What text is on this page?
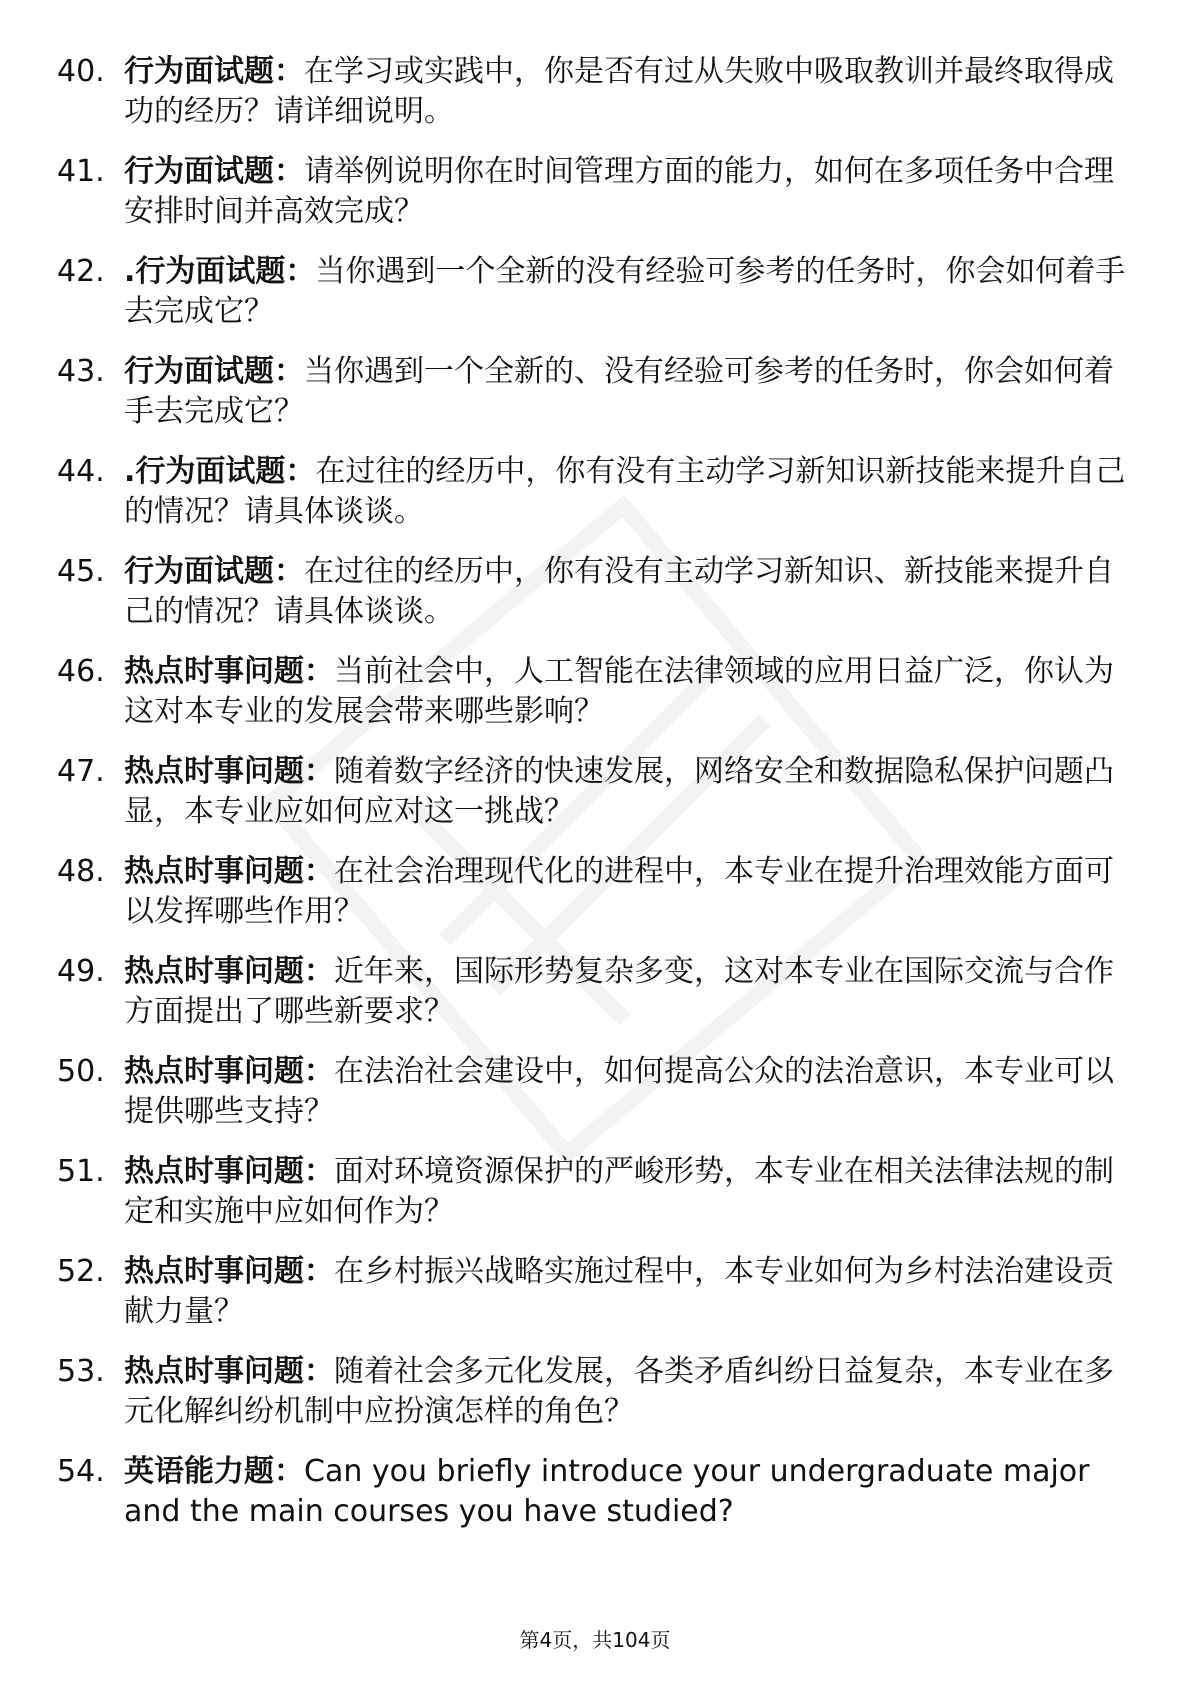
40. 行为面试题：在学习或实践中，你是否有过从失败中吸取教训并最终取得成功的经历？请详细说明。
41. 行为面试题：请举例说明你在时间管理方面的能力，如何在多项任务中合理安排时间并高效完成？
42. .行为面试题：当你遇到一个全新的没有经验可参考的任务时，你会如何着手去完成它？
43. 行为面试题：当你遇到一个全新的、没有经验可参考的任务时，你会如何着手去完成它？
44. .行为面试题：在过往的经历中，你有没有主动学习新知识新技能来提升自己的情况？请具体谈谈。
45. 行为面试题：在过往的经历中，你有没有主动学习新知识、新技能来提升自己的情况？请具体谈谈。
46. 热点时事问题：当前社会中，人工智能在法律领域的应用日益广泛，你认为这对本专业的发展会带来哪些影响？
47. 热点时事问题：随着数字经济的快速发展，网络安全和数据隐私保护问题凸显，本专业应如何应对这一挑战？
48. 热点时事问题：在社会治理现代化的进程中，本专业在提升治理效能方面可以发挥哪些作用？
49. 热点时事问题：近年来，国际形势复杂多变，这对本专业在国际交流与合作方面提出了哪些新要求？
50. 热点时事问题：在法治社会建设中，如何提高公众的法治意识，本专业可以提供哪些支持？
51. 热点时事问题：面对环境资源保护的严峻形势，本专业在相关法律法规的制定和实施中应如何作为？
52. 热点时事问题：在乡村振兴战略实施过程中，本专业如何为乡村法治建设贡献力量？
53. 热点时事问题：随着社会多元化发展，各类矛盾纠纷日益复杂，本专业在多元化解纠纷机制中应扮演怎样的角色？
54. 英语能力题：Can you briefly introduce your undergraduate major and the main courses you have studied?
第4页，共104页
